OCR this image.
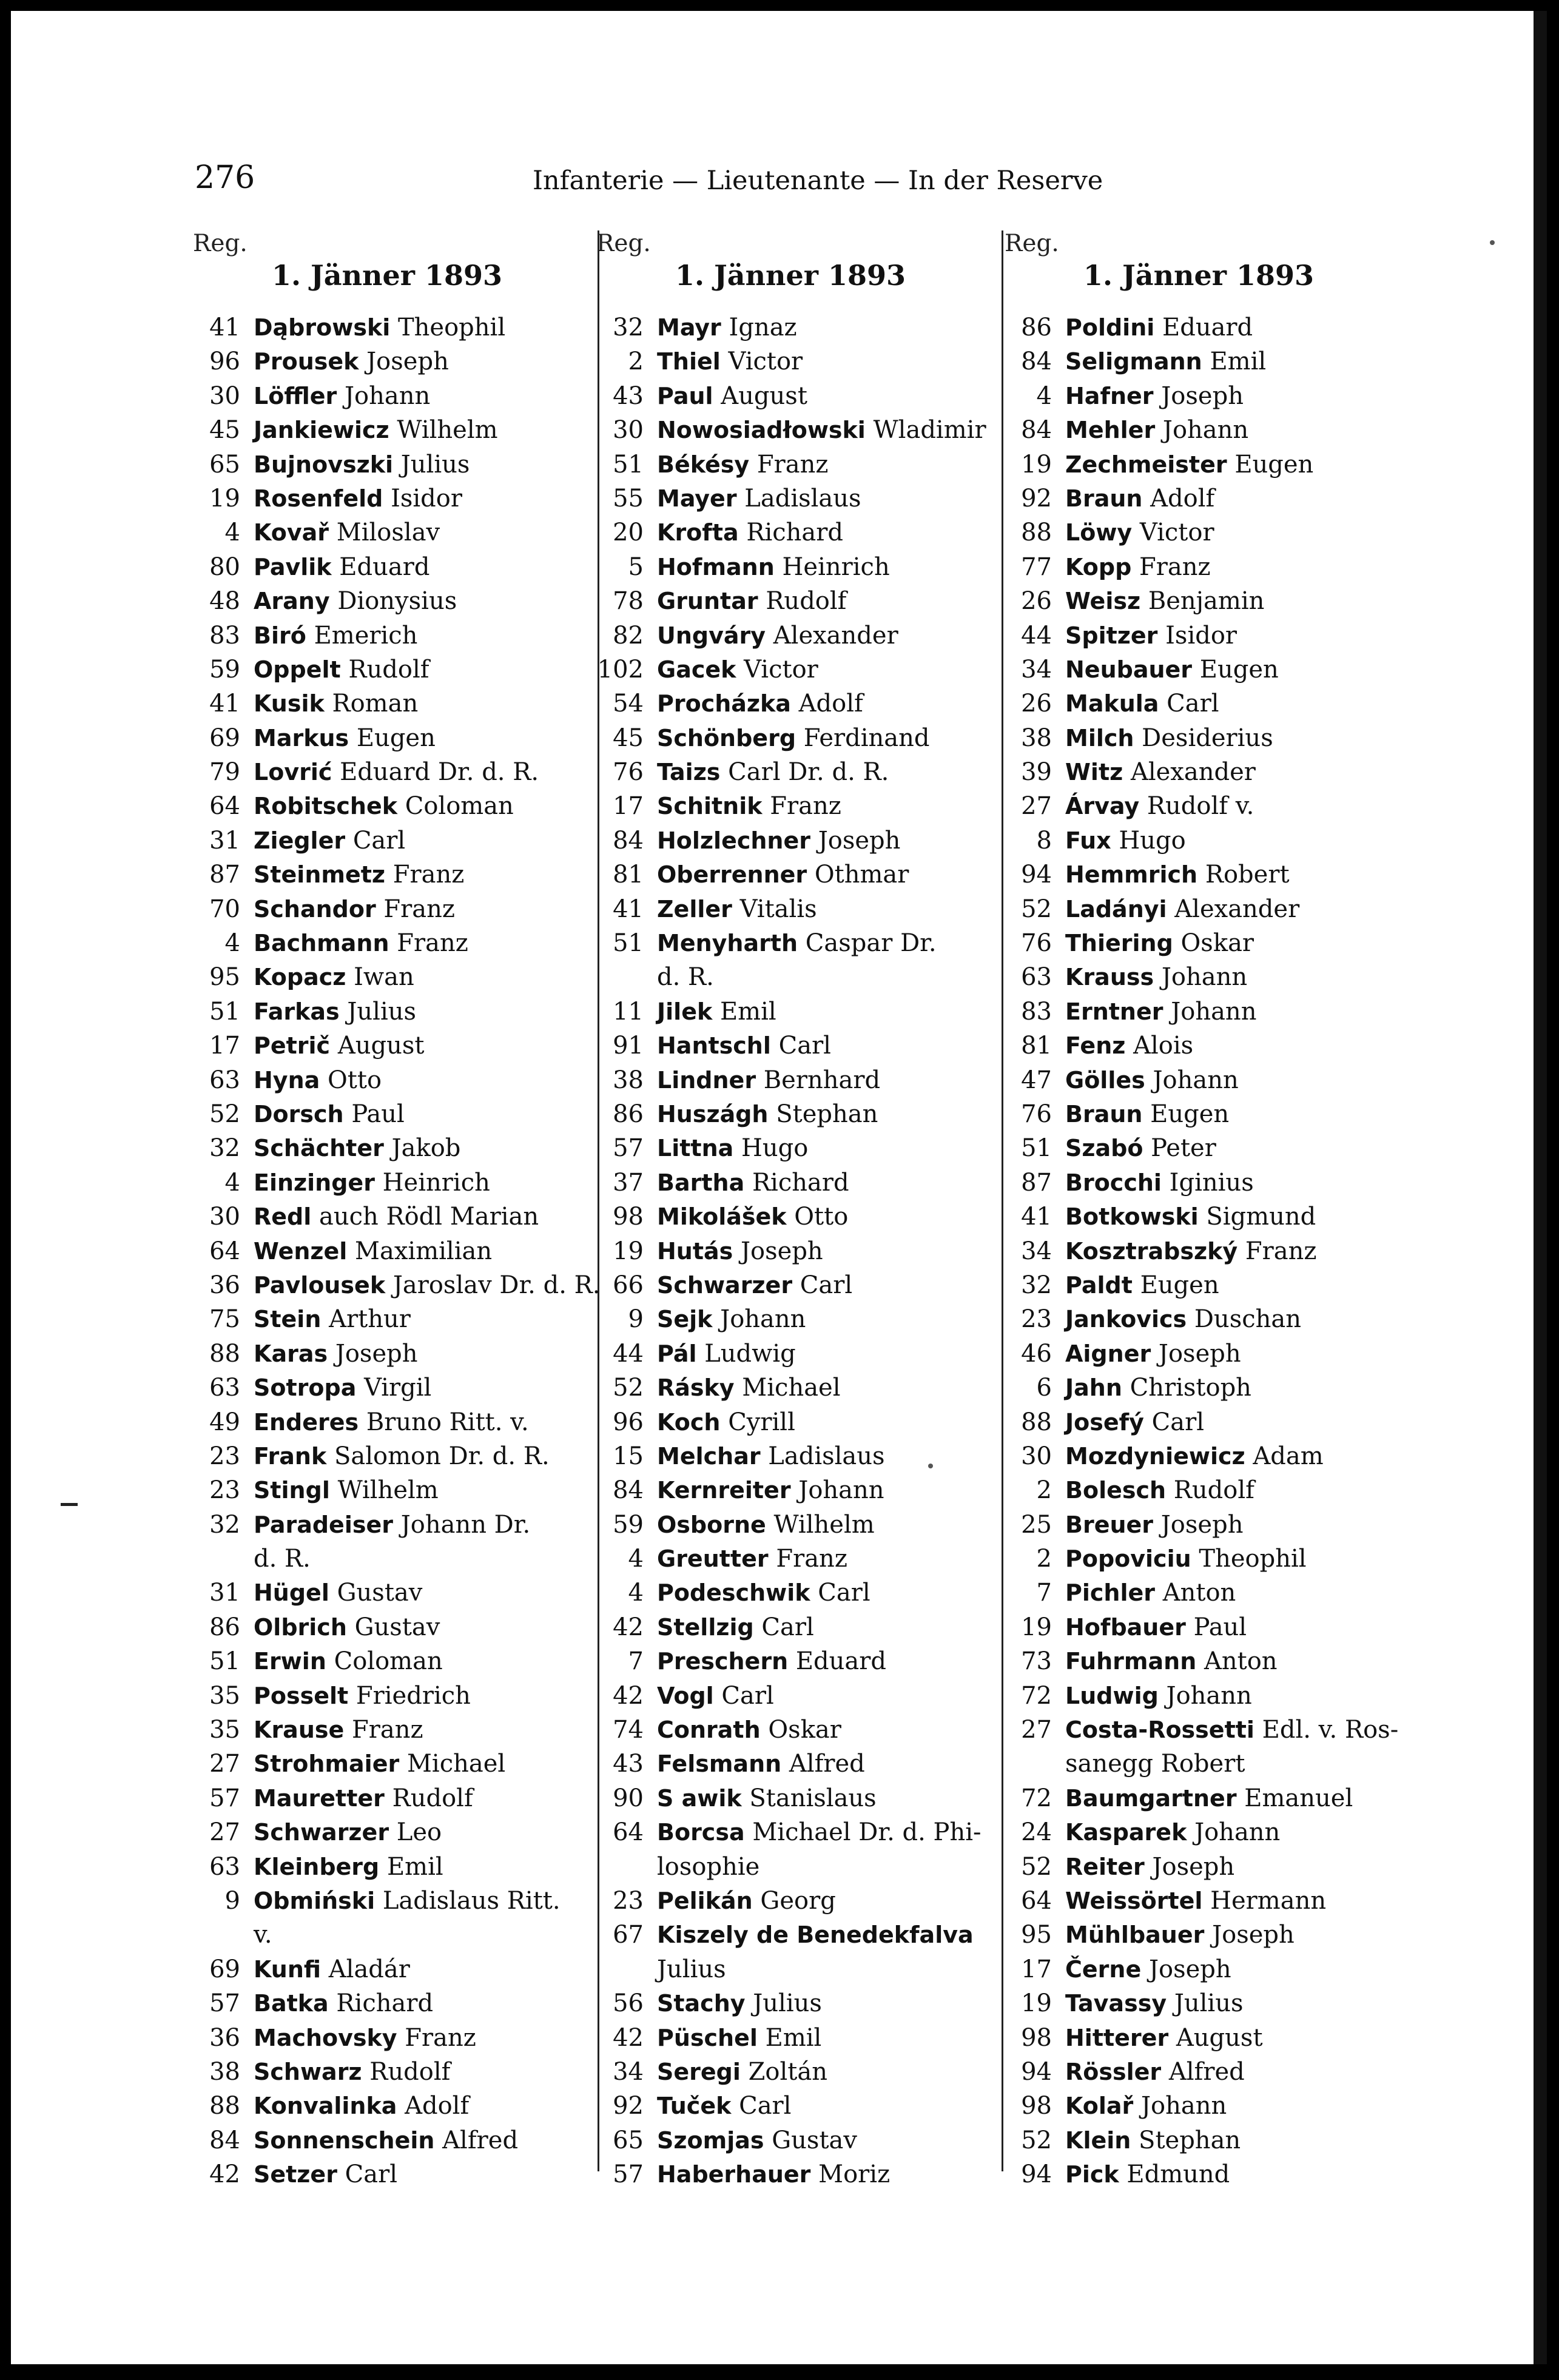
276	Infanterie — Lieutenante — In der Reserve
Reg.
1. Jänner 1893
41 Dąbrowski Theophil
96 Prousek Joseph
30 Löffler Johann
45 Jankiewicz Wilhelm
65 Bujnovszki Julius
19 Rosenfeld Isidor
4 Kovař Miloslav
80 Pavlik Eduard
48 Arany Dionysius
83 Biró Emerich
59 Oppelt Rudolf
41 Kusik Roman
69 Markus Eugen
79 Lovrić Eduard Dr. d. R.
64 Robitschek Coloman
31 Ziegler Carl
87 Steinmetz Franz
70 Schandor Franz
4 Bachmann Franz
95 Kopacz Iwan
51 Farkas Julius
17 Petrič August
63 Hyna Otto
52 Dorsch Paul
32 Schächter Jakob
4 Einzinger Heinrich
30 Redl auch Rödl Marian
64 Wenzel Maximilian
36 Pavlousek Jaroslav Dr. d. R.
75 Stein Arthur
88 Karas Joseph
63 Sotropa Virgil
49 Enderes Bruno Ritt. v.
23 Frank Salomon Dr. d. R.
23 Stingl Wilhelm
32 Paradeiser Johann Dr.
d. R.
31 Hügel Gustav
86 Olbrich Gustav
51 Erwin Coloman
35 Posselt Friedrich
35 Krause Franz
27 Strohmaier Michael
57 Mauretter Rudolf
27 Schwarzer Leo
63 Kleinberg Emil
9 Obmiński Ladislaus Ritt.
v.
69 Kunfi Aladár
57 Batka Richard
36 Machovsky Franz
38 Schwarz Rudolf
88 Konvalinka Adolf
84 Sonnenschein Alfred
42 Setzer Carl
Reg.
1. Jänner 1893
32 Mayr Ignaz
2 Thiel Victor
43 Paul August
30 Nowosiadłowski Wladimir
51 Békésy Franz
55 Mayer Ladislaus
20 Krofta Richard
5 Hofmann Heinrich
78 Gruntar Rudolf
82 Ungváry Alexander
102 Gacek Victor
54 Procházka Adolf
45 Schönberg Ferdinand
76 Taizs Carl Dr. d. R.
17 Schitnik Franz
84 Holzlechner Joseph
81 Oberrenner Othmar
41 Zeller Vitalis
51 Menyharth Caspar Dr.
d. R.
11 Jilek Emil
91 Hantschl Carl
38 Lindner Bernhard
86 Huszágh Stephan
57 Littna Hugo
37 Bartha Richard
98 Mikolášek Otto
19 Hutás Joseph
66 Schwarzer Carl
9 Sejk Johann
44 Pál Ludwig
52 Rásky Michael
96 Koch Cyrill
15 Melchar Ladislaus
84 Kernreiter Johann
59 Osborne Wilhelm
4 Greutter Franz
4 Podeschwik Carl
42 Stellzig Carl
7 Preschern Eduard
42 Vogl Carl
74 Conrath Oskar
43 Felsmann Alfred
90 S awik Stanislaus
64 Borcsa Michael Dr. d. Phi-
losophie
23 Pelikán Georg
67 Kiszely de Benedekfalva
Julius
56 Stachy Julius
42 Püschel Emil
34 Seregi Zoltán
92 Tuček Carl
65 Szomjas Gustav
57 Haberhauer Moriz
Reg.
1. Jänner 1893
86 Poldini Eduard
84 Seligmann Emil
4 Hafner Joseph
84 Mehler Johann
19 Zechmeister Eugen
92 Braun Adolf
88 Löwy Victor
77 Kopp Franz
26 Weisz Benjamin
44 Spitzer Isidor
34 Neubauer Eugen
26 Makula Carl
38 Milch Desiderius
39 Witz Alexander
27 Árvay Rudolf v.
8 Fux Hugo
94 Hemmrich Robert
52 Ladányi Alexander
76 Thiering Oskar
63 Krauss Johann
83 Erntner Johann
81 Fenz Alois
47 Gölles Johann
76 Braun Eugen
51 Szabó Peter
87 Brocchi Iginius
41 Botkowski Sigmund
34 Kosztrabszký Franz
32 Paldt Eugen
23 Jankovics Duschan
46 Aigner Joseph
6 Jahn Christoph
88 Josefý Carl
30 Mozdyniewicz Adam
2 Bolesch Rudolf
25 Breuer Joseph
2 Popoviciu Theophil
7 Pichler Anton
19 Hofbauer Paul
73 Fuhrmann Anton
72 Ludwig Johann
27 Costa-Rossetti Edl. v. Ros-
sanegg Robert
72 Baumgartner Emanuel
24 Kasparek Johann
52 Reiter Joseph
64 Weissörtel Hermann
95 Mühlbauer Joseph
17 Černe Joseph
19 Tavassy Julius
98 Hitterer August
94 Rössler Alfred
98 Kolař Johann
52 Klein Stephan
94 Pick Edmund
